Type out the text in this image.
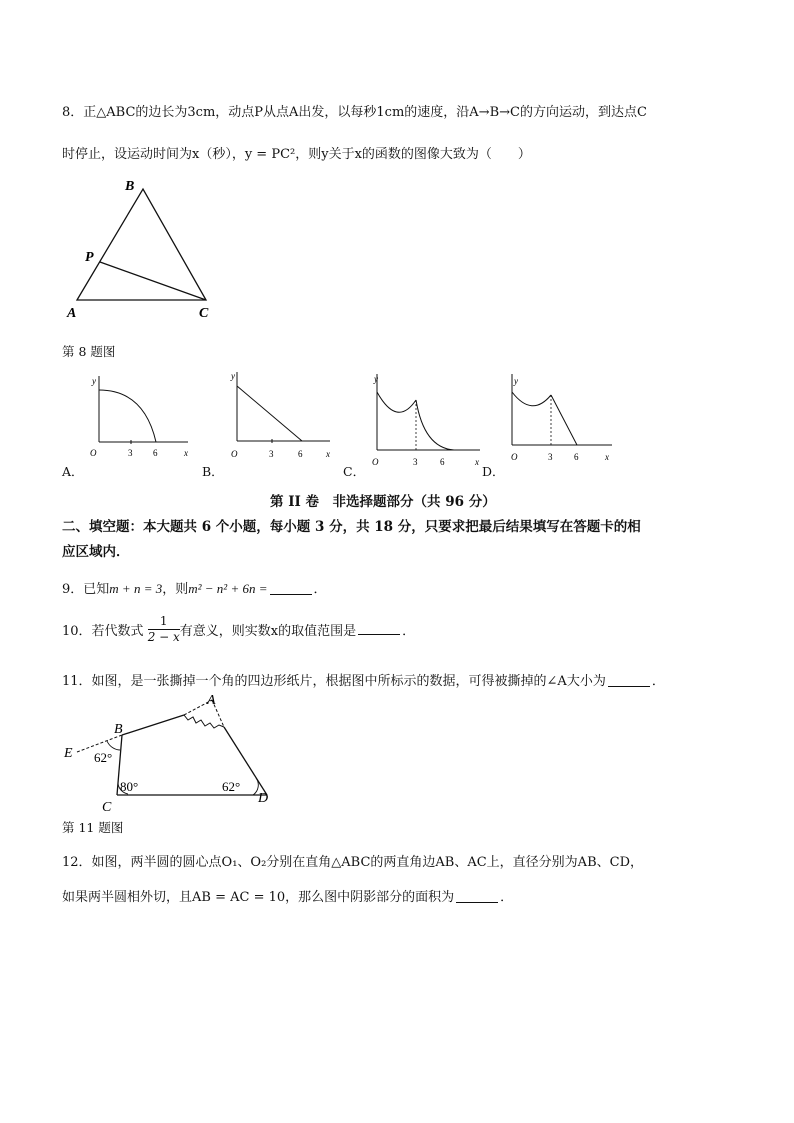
8．正△ABC的边长为3cm，动点P从点A出发，以每秒1cm的速度，沿A→B→C的方向运动，到达点C
时停止，设运动时间为x（秒），y = PC²，则y关于x的函数的图像大致为（　　）
B
P
A	C
第 8 题图
A．
y
O	3 6	x
B．
y
O	3	6	x
C．
y
O	3	6	x
D．
y
O	3 6	x
第 II 卷　非选择题部分（共 96 分）
二、填空题：本大题共 6 个小题，每小题 3 分，共 18 分，只要求把最后结果填写在答题卡的相
应区域内．
9．已知m + n = 3，则m² − n² + 6n =	．
10．若代数式 $\frac{1}{2 - x}$ 有意义，则实数x的取值范围是	．
11．如图，是一张撕掉一个角的四边形纸片，根据图中所标示的数据，可得被撕掉的∠A大小为	．
A
B
E
C
D
62°
80°	62°
第 11 题图
12．如图，两半圆的圆心点O₁、O₂分别在直角△ABC的两直角边AB、AC上，直径分别为AB、CD，
如果两半圆相外切，且AB = AC = 10，那么图中阴影部分的面积为	．
